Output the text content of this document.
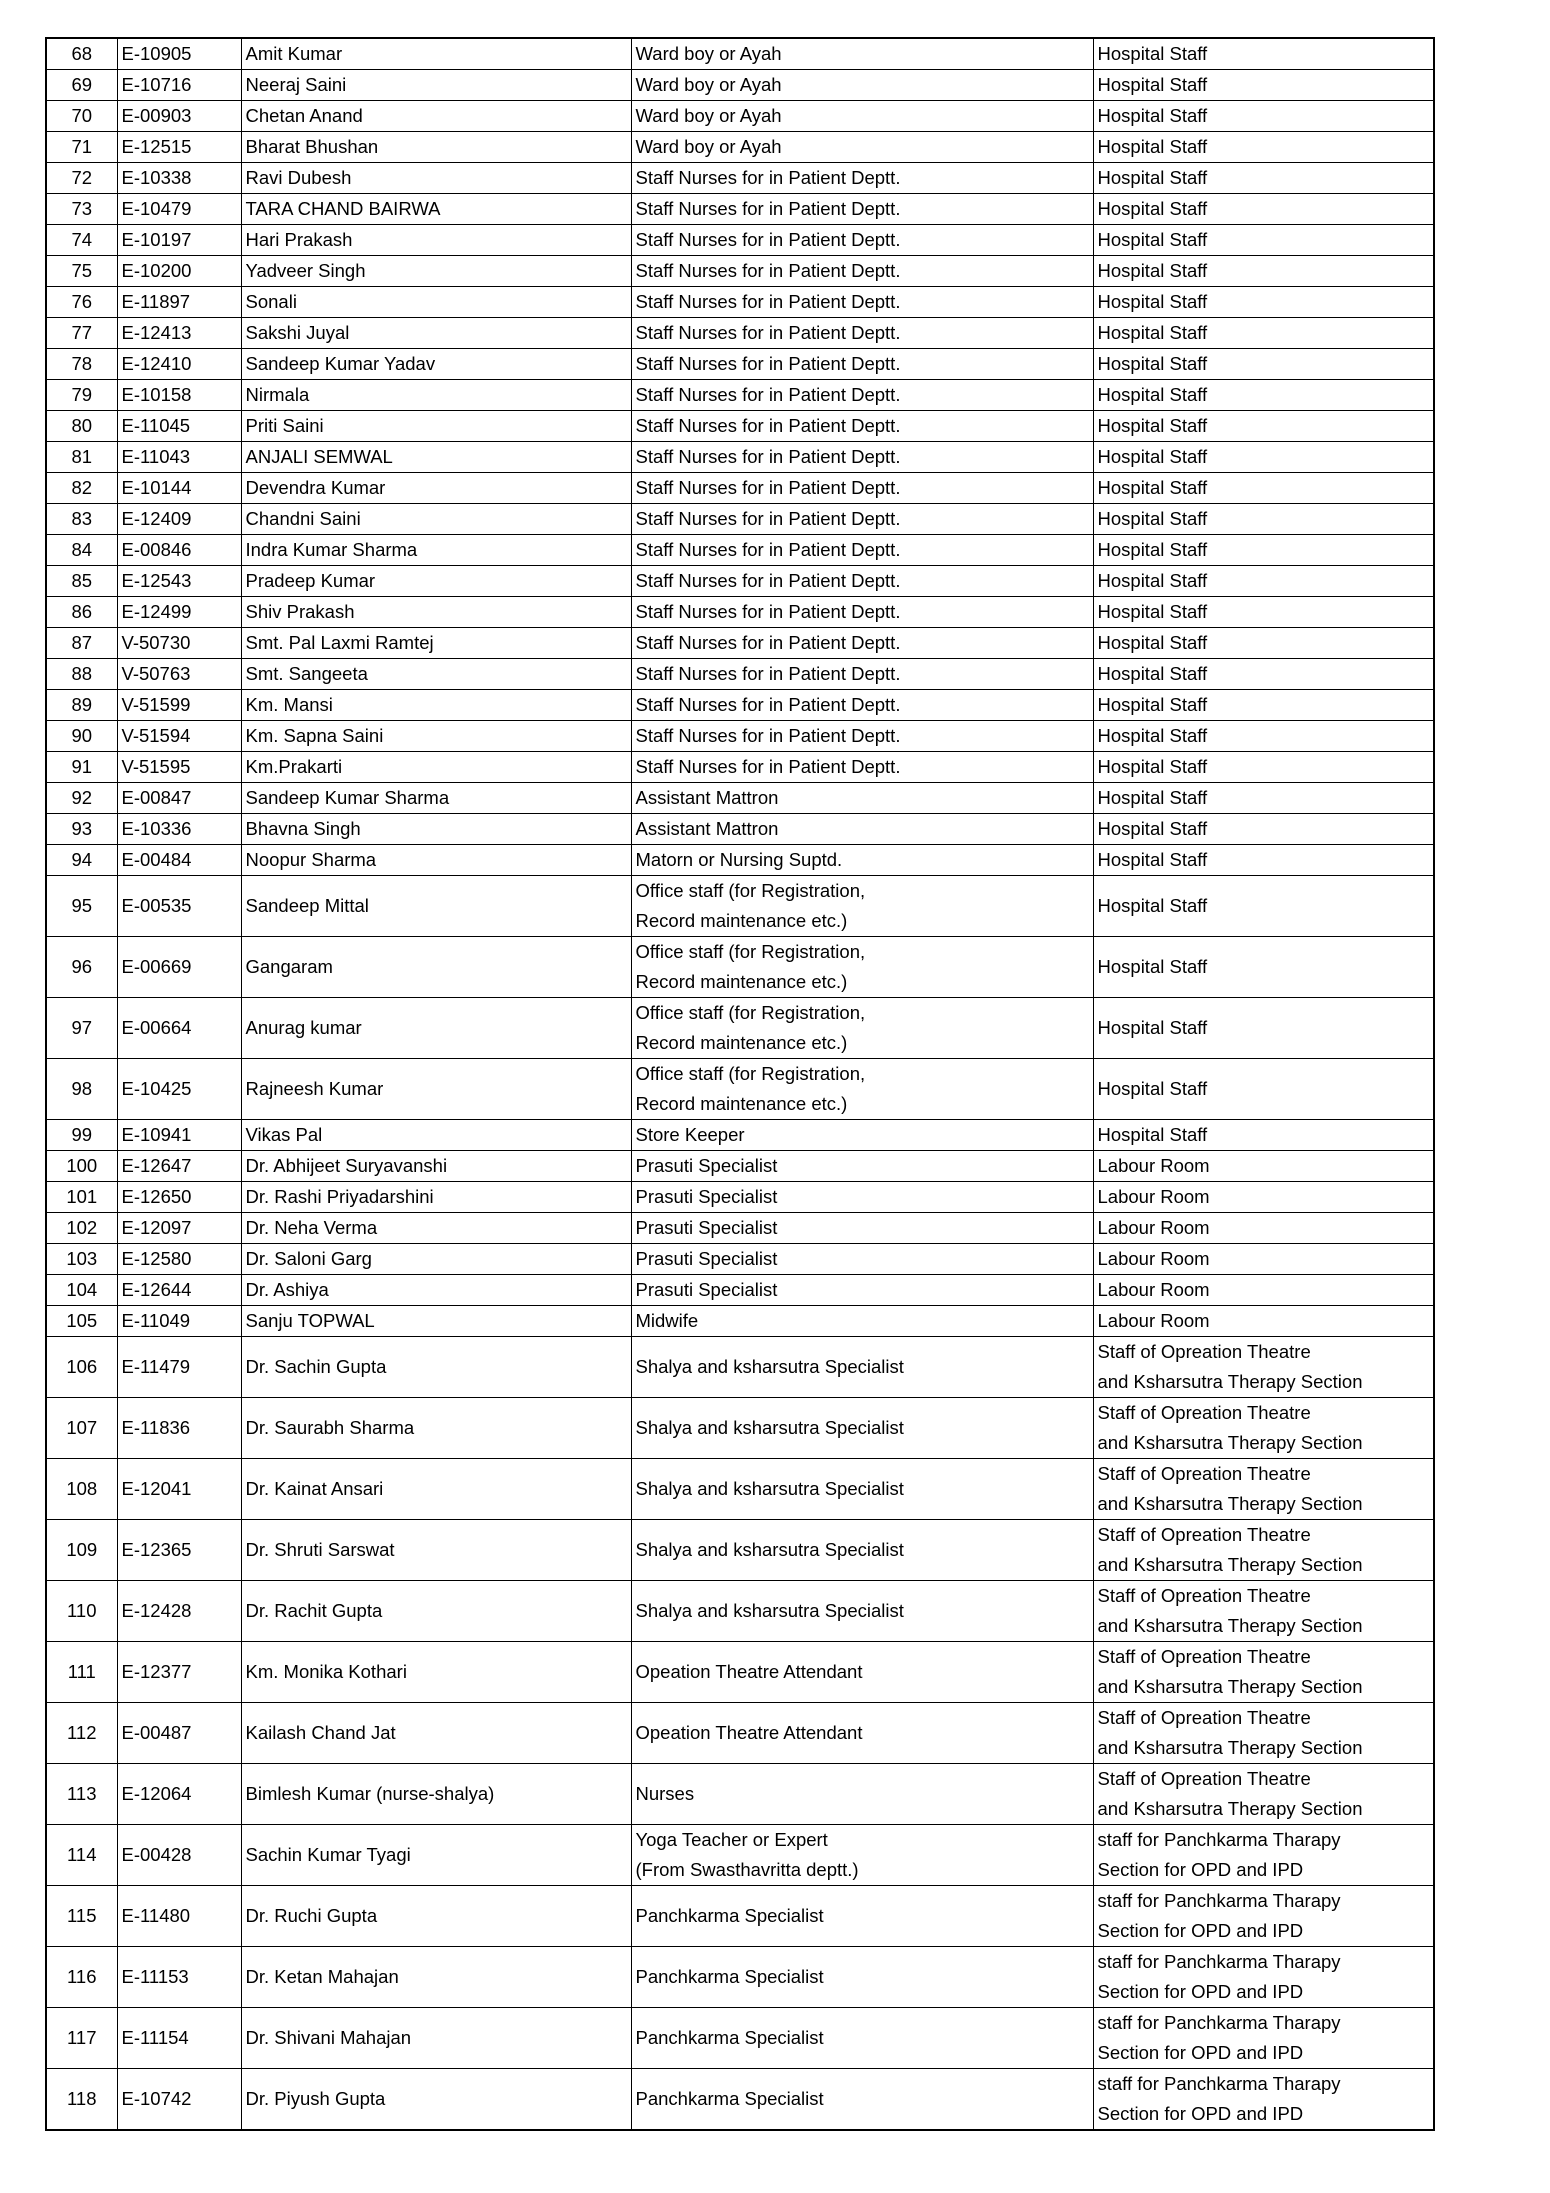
68	E-10905	Amit Kumar	Ward boy or Ayah	Hospital Staff

69	E-10716	Neeraj Saini	Ward boy or Ayah	Hospital Staff

70	E-00903	Chetan Anand	Ward boy or Ayah	Hospital Staff

71	E-12515	Bharat Bhushan	Ward boy or Ayah	Hospital Staff

72	E-10338	Ravi Dubesh	Staff Nurses for in Patient Deptt.	Hospital Staff

73	E-10479	TARA CHAND BAIRWA	Staff Nurses for in Patient Deptt.	Hospital Staff

74	E-10197	Hari Prakash	Staff Nurses for in Patient Deptt.	Hospital Staff

75	E-10200	Yadveer Singh	Staff Nurses for in Patient Deptt.	Hospital Staff

76	E-11897	Sonali	Staff Nurses for in Patient Deptt.	Hospital Staff

77	E-12413	Sakshi Juyal	Staff Nurses for in Patient Deptt.	Hospital Staff

78	E-12410	Sandeep Kumar Yadav	Staff Nurses for in Patient Deptt.	Hospital Staff

79	E-10158	Nirmala	Staff Nurses for in Patient Deptt.	Hospital Staff

80	E-11045	Priti Saini	Staff Nurses for in Patient Deptt.	Hospital Staff

81	E-11043	ANJALI SEMWAL	Staff Nurses for in Patient Deptt.	Hospital Staff

82	E-10144	Devendra Kumar	Staff Nurses for in Patient Deptt.	Hospital Staff

83	E-12409	Chandni Saini	Staff Nurses for in Patient Deptt.	Hospital Staff

84	E-00846	Indra Kumar Sharma	Staff Nurses for in Patient Deptt.	Hospital Staff

85	E-12543	Pradeep Kumar	Staff Nurses for in Patient Deptt.	Hospital Staff

86	E-12499	Shiv Prakash	Staff Nurses for in Patient Deptt.	Hospital Staff

87	V-50730	Smt. Pal Laxmi Ramtej	Staff Nurses for in Patient Deptt.	Hospital Staff

88	V-50763	Smt. Sangeeta	Staff Nurses for in Patient Deptt.	Hospital Staff

89	V-51599	Km. Mansi	Staff Nurses for in Patient Deptt.	Hospital Staff

90	V-51594	Km. Sapna Saini	Staff Nurses for in Patient Deptt.	Hospital Staff

91	V-51595	Km.Prakarti	Staff Nurses for in Patient Deptt.	Hospital Staff

92	E-00847	Sandeep Kumar Sharma	Assistant Mattron	Hospital Staff

93	E-10336	Bhavna Singh	Assistant Mattron	Hospital Staff

94	E-00484	Noopur Sharma	Matorn or Nursing Suptd.	Hospital Staff

95	E-00535	Sandeep Mittal	Office staff (for Registration,
Record maintenance etc.)	Hospital Staff

96	E-00669	Gangaram	Office staff (for Registration,
Record maintenance etc.)	Hospital Staff

97	E-00664	Anurag kumar	Office staff (for Registration,
Record maintenance etc.)	Hospital Staff

98	E-10425	Rajneesh Kumar	Office staff (for Registration,
Record maintenance etc.)	Hospital Staff

99	E-10941	Vikas Pal	Store Keeper	Hospital Staff

100	E-12647	Dr. Abhijeet Suryavanshi	Prasuti Specialist	Labour Room

101	E-12650	Dr. Rashi Priyadarshini	Prasuti Specialist	Labour Room

102	E-12097	Dr. Neha Verma	Prasuti Specialist	Labour Room

103	E-12580	Dr. Saloni Garg	Prasuti Specialist	Labour Room

104	E-12644	Dr. Ashiya	Prasuti Specialist	Labour Room

105	E-11049	Sanju TOPWAL	Midwife	Labour Room

106	E-11479	Dr. Sachin Gupta	Shalya and ksharsutra Specialist	Staff of Opreation Theatre
and Ksharsutra Therapy Section

107	E-11836	Dr. Saurabh Sharma	Shalya and ksharsutra Specialist	Staff of Opreation Theatre
and Ksharsutra Therapy Section

108	E-12041	Dr. Kainat Ansari	Shalya and ksharsutra Specialist	Staff of Opreation Theatre
and Ksharsutra Therapy Section

109	E-12365	Dr. Shruti Sarswat	Shalya and ksharsutra Specialist	Staff of Opreation Theatre
and Ksharsutra Therapy Section

110	E-12428	Dr. Rachit Gupta	Shalya and ksharsutra Specialist	Staff of Opreation Theatre
and Ksharsutra Therapy Section

111	E-12377	Km. Monika Kothari	Opeation Theatre Attendant	Staff of Opreation Theatre
and Ksharsutra Therapy Section

112	E-00487	Kailash Chand Jat	Opeation Theatre Attendant	Staff of Opreation Theatre
and Ksharsutra Therapy Section

113	E-12064	Bimlesh Kumar (nurse-shalya)	Nurses	Staff of Opreation Theatre
and Ksharsutra Therapy Section

114	E-00428	Sachin Kumar Tyagi	Yoga Teacher or Expert
(From Swasthavritta deptt.)	staff for Panchkarma Tharapy
Section for OPD and IPD

115	E-11480	Dr. Ruchi Gupta	Panchkarma Specialist	staff for Panchkarma Tharapy
Section for OPD and IPD

116	E-11153	Dr. Ketan Mahajan	Panchkarma Specialist	staff for Panchkarma Tharapy
Section for OPD and IPD

117	E-11154	Dr. Shivani Mahajan	Panchkarma Specialist	staff for Panchkarma Tharapy
Section for OPD and IPD

118	E-10742	Dr. Piyush Gupta	Panchkarma Specialist	staff for Panchkarma Tharapy
Section for OPD and IPD
